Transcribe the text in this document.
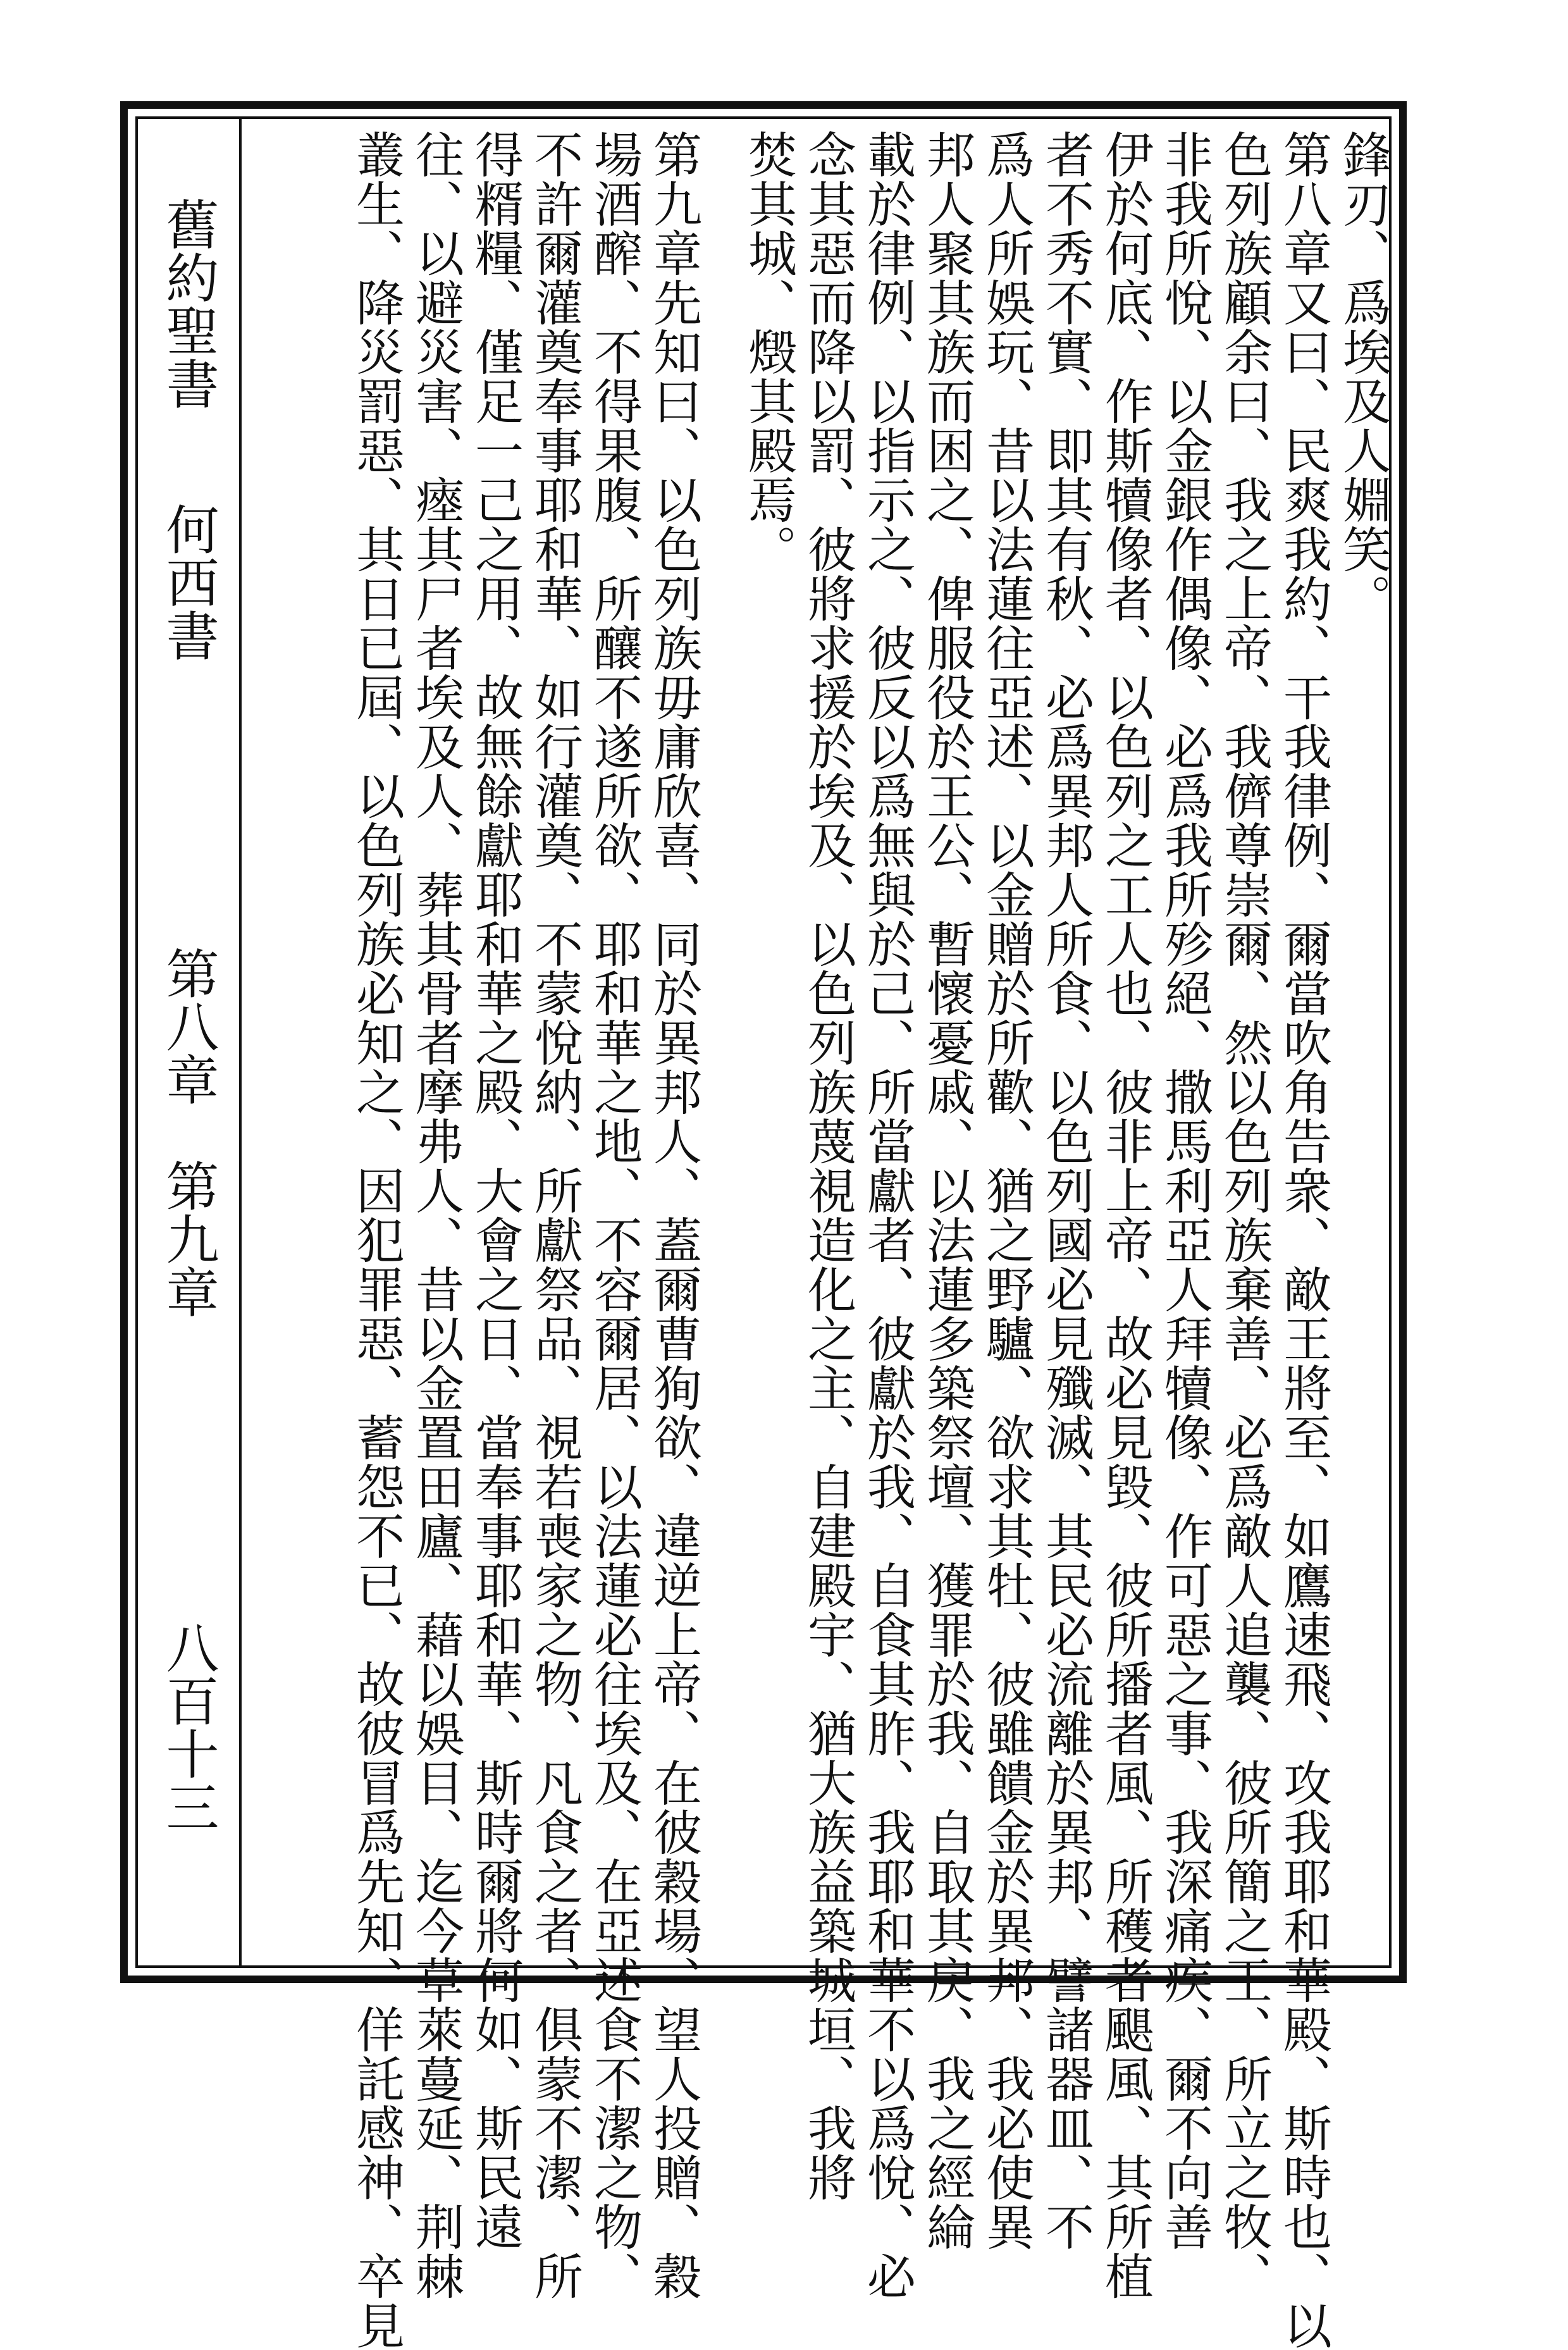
舊約聖書
何西書
第八章　第九章
八百十三
鋒刃、爲埃及人婣笑。
第八章又曰、民爽我約、干我律例、爾當吹角告衆、敵王將至、如鷹速飛、攻我耶和華殿、斯時也、以
色列族顧余曰、我之上帝、我儕尊崇爾、然以色列族棄善、必爲敵人追襲、彼所簡之王、所立之牧、
非我所悅、以金銀作偶像、必爲我所殄絕、撒馬利亞人拜犢像、作可惡之事、我深痛疾、爾不向善
伊於何底、作斯犢像者、以色列之工人也、彼非上帝、故必見毀、彼所播者風、所穫者颶風、其所植
者不秀不實、即其有秋、必爲異邦人所食、以色列國必見殲滅、其民必流離於異邦、譬諸器皿、不
爲人所娛玩、昔以法蓮往亞述、以金贈於所歡、猶之野驢、欲求其牡、彼雖饋金於異邦、我必使異
邦人聚其族而困之、俾服役於王公、暫懷憂戚、以法蓮多築祭壇、獲罪於我、自取其戾、我之經綸
載於律例、以指示之、彼反以爲無與於己、所當獻者、彼獻於我、自食其胙、我耶和華不以爲悅、必
念其惡而降以罰、彼將求援於埃及、以色列族蔑視造化之主、自建殿宇、猶大族益築城垣、我將
焚其城、燬其殿焉。
第九章先知曰、以色列族毋庸欣喜、同於異邦人、蓋爾曹狥欲、違逆上帝、在彼穀場、望人投贈、穀
場酒醡、不得果腹、所釀不遂所欲、耶和華之地、不容爾居、以法蓮必往埃及、在亞述食不潔之物、
不許爾灌奠奉事耶和華、如行灌奠、不蒙悅納、所獻祭品、視若喪家之物、凡食之者、俱蒙不潔、所
得糈糧、僅足一己之用、故無餘獻耶和華之殿、大會之日、當奉事耶和華、斯時爾將何如、斯民遠
往、以避災害、瘞其尸者埃及人、葬其骨者摩弗人、昔以金置田廬、藉以娛目、迄今草萊蔓延、荆棘
叢生、降災罰惡、其日已屆、以色列族必知之、因犯罪惡、蓄怨不已、故彼冒爲先知、佯託感神、卒見
